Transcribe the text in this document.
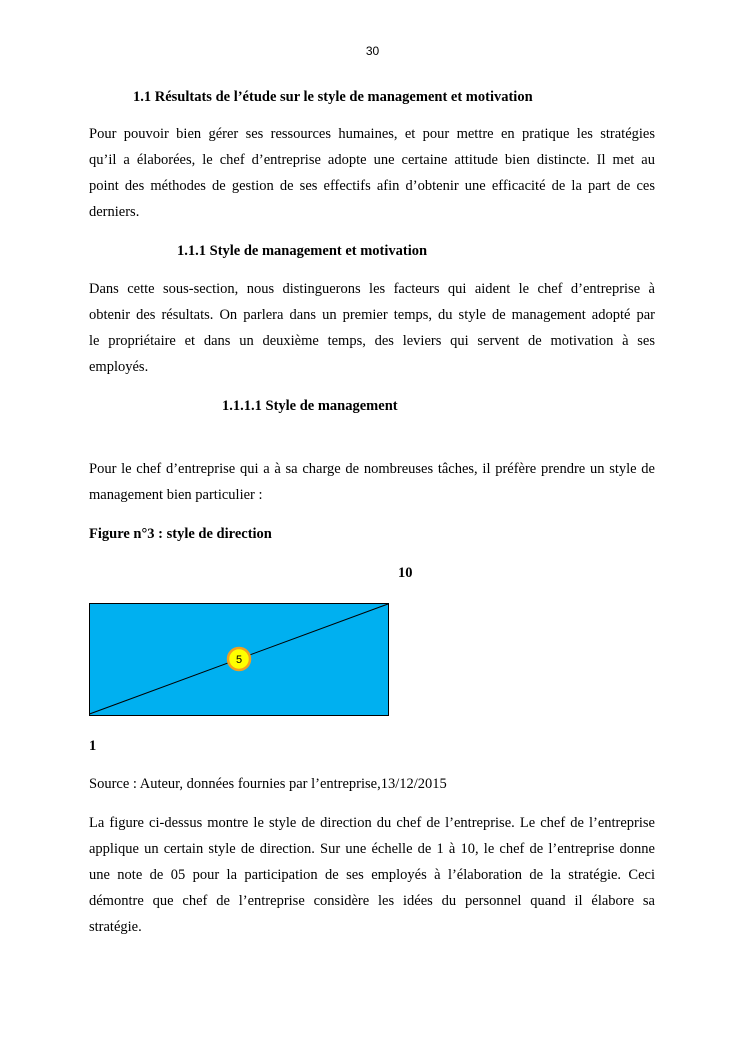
30
1.1 Résultats de l’étude sur le style de management et motivation
Pour pouvoir bien gérer ses ressources humaines, et pour mettre en pratique les stratégies
qu’il a élaborées, le chef d’entreprise adopte une certaine attitude bien distincte. Il met au
point des méthodes de gestion de ses effectifs afin d’obtenir une efficacité de la part de ces
derniers.
1.1.1 Style de management et motivation
Dans cette sous-section, nous distinguerons les facteurs qui aident le chef d’entreprise à
obtenir des résultats. On parlera dans un premier temps, du style de management adopté par
le propriétaire et dans un deuxième temps, des leviers qui servent de motivation à ses
employés.
1.1.1.1 Style de management
Pour le chef d’entreprise qui a à sa charge de nombreuses tâches, il préfère prendre un style de
management bien particulier :
Figure n°3 : style de direction
10
5
1
Source : Auteur, données fournies par l’entreprise,13/12/2015
La figure ci-dessus montre le style de direction du chef de l’entreprise. Le chef de l’entreprise
applique un certain style de direction. Sur une échelle de 1 à 10, le chef de l’entreprise donne
une note de 05 pour la participation de ses employés à l’élaboration de la stratégie. Ceci
démontre que chef de l’entreprise considère les idées du personnel quand il élabore sa
stratégie.
